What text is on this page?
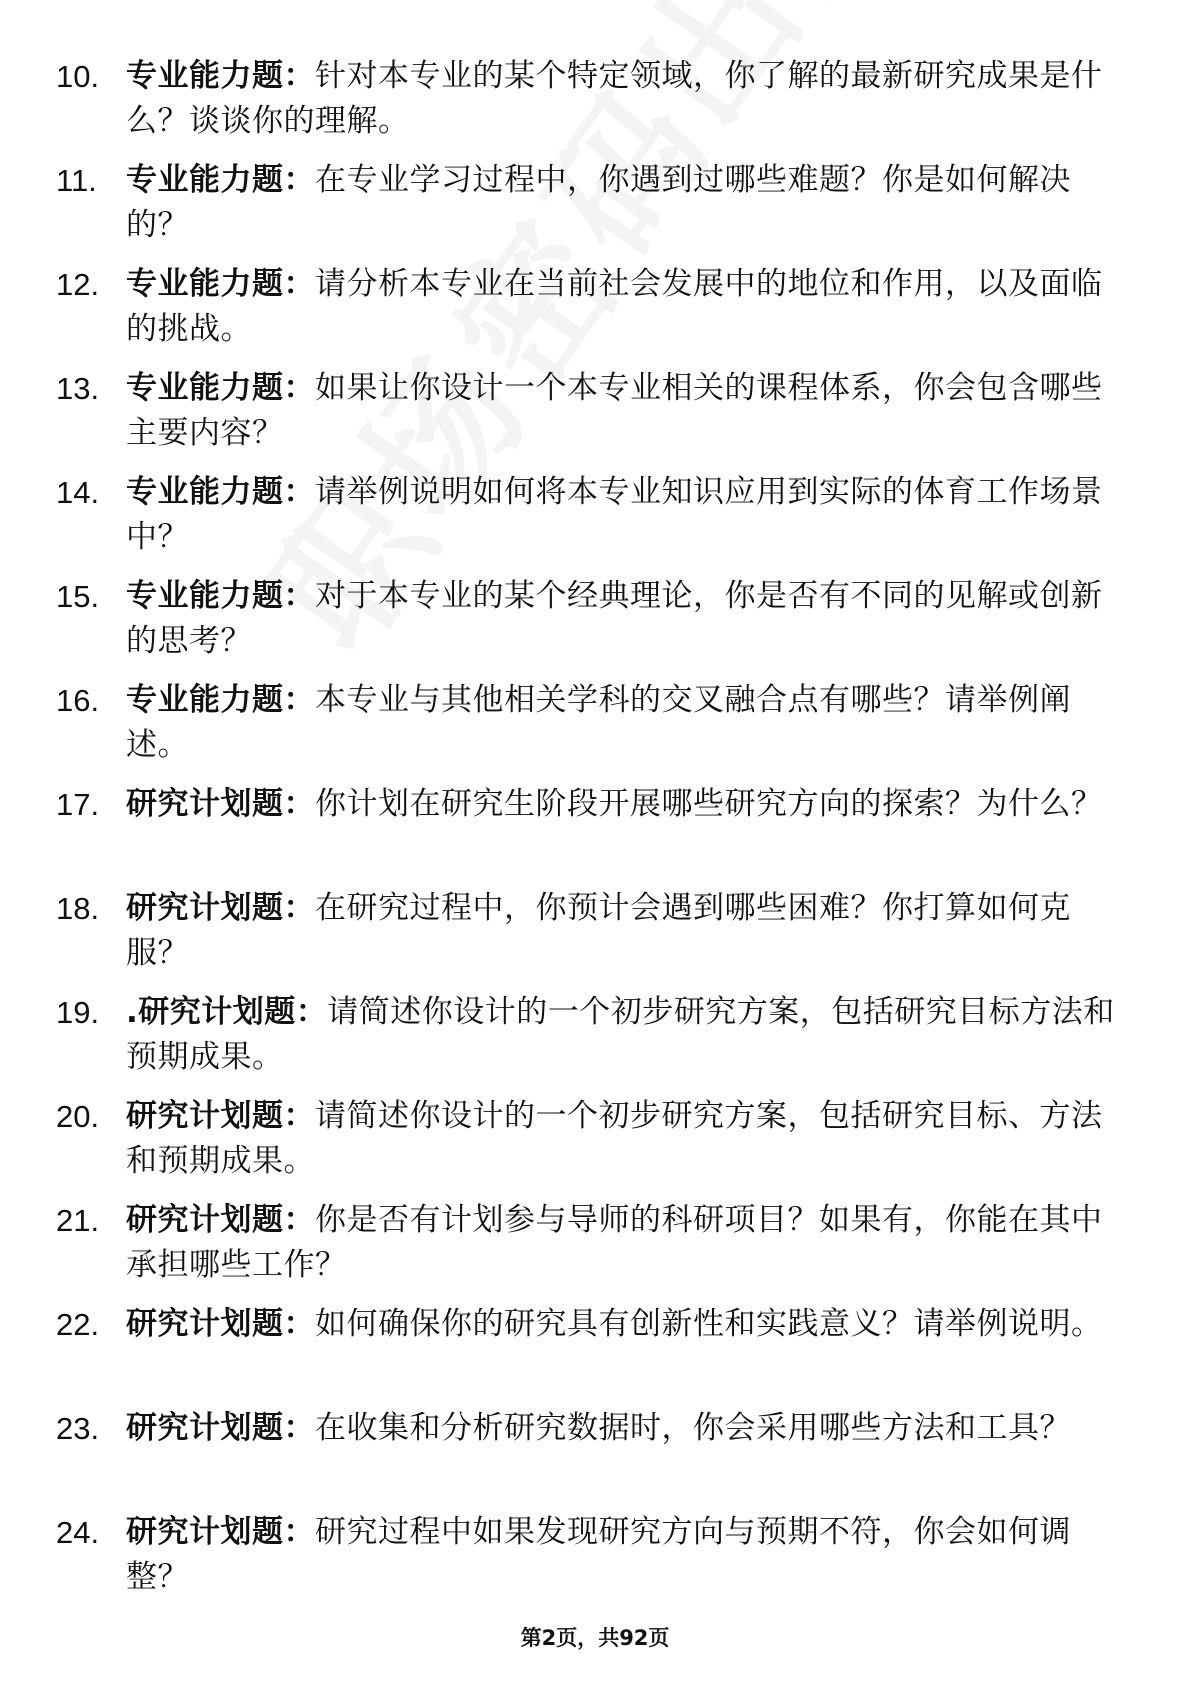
10. 专业能力题：针对本专业的某个特定领域，你了解的最新研究成果是什么？谈谈你的理解。
11. 专业能力题：在专业学习过程中，你遇到过哪些难题？你是如何解决的？
12. 专业能力题：请分析本专业在当前社会发展中的地位和作用，以及面临的挑战。
13. 专业能力题：如果让你设计一个本专业相关的课程体系，你会包含哪些主要内容？
14. 专业能力题：请举例说明如何将本专业知识应用到实际的体育工作场景中？
15. 专业能力题：对于本专业的某个经典理论，你是否有不同的见解或创新的思考？
16. 专业能力题：本专业与其他相关学科的交叉融合点有哪些？请举例阐述。
17. 研究计划题：你计划在研究生阶段开展哪些研究方向的探索？为什么？
18. 研究计划题：在研究过程中，你预计会遇到哪些困难？你打算如何克服？
19. .研究计划题：请简述你设计的一个初步研究方案，包括研究目标方法和预期成果。
20. 研究计划题：请简述你设计的一个初步研究方案，包括研究目标、方法和预期成果。
21. 研究计划题：你是否有计划参与导师的科研项目？如果有，你能在其中承担哪些工作？
22. 研究计划题：如何确保你的研究具有创新性和实践意义？请举例说明。
23. 研究计划题：在收集和分析研究数据时，你会采用哪些方法和工具？
24. 研究计划题：研究过程中如果发现研究方向与预期不符，你会如何调整？
第2页，共92页
